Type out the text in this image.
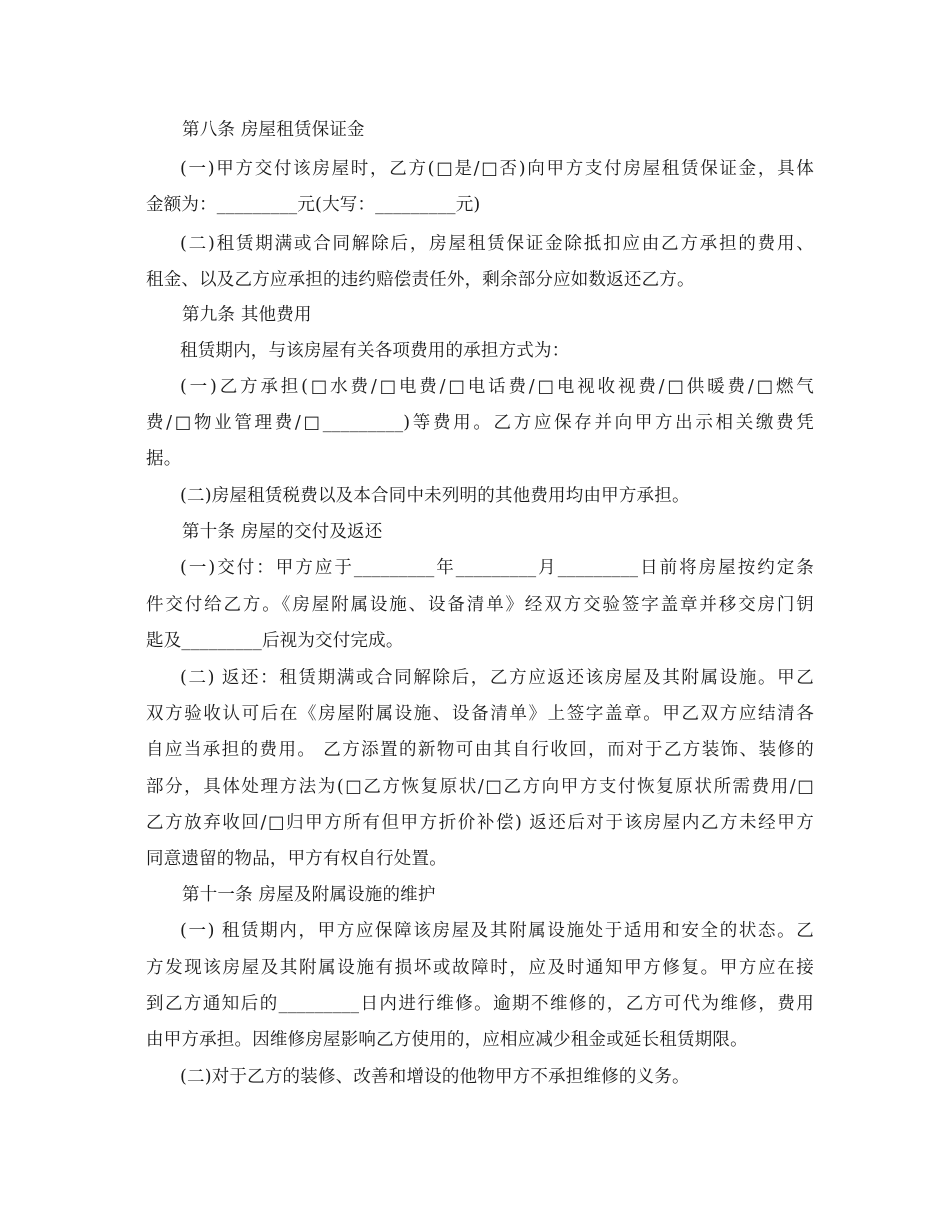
第八条 房屋租赁保证金
(一)甲方交付该房屋时，乙方(□是/□否)向甲方支付房屋租赁保证金，具体
金额为：_________元(大写：_________元)
(二)租赁期满或合同解除后，房屋租赁保证金除抵扣应由乙方承担的费用、
租金、以及乙方应承担的违约赔偿责任外，剩余部分应如数返还乙方。
第九条 其他费用
租赁期内，与该房屋有关各项费用的承担方式为：
(一)乙方承担(□水费/□电费/□电话费/□电视收视费/□供暖费/□燃气
费/□物业管理费/□_________)等费用。乙方应保存并向甲方出示相关缴费凭
据。
(二)房屋租赁税费以及本合同中未列明的其他费用均由甲方承担。
第十条 房屋的交付及返还
(一)交付：甲方应于_________年_________月_________日前将房屋按约定条
件交付给乙方。《房屋附属设施、设备清单》经双方交验签字盖章并移交房门钥
匙及_________后视为交付完成。
(二) 返还：租赁期满或合同解除后，乙方应返还该房屋及其附属设施。甲乙
双方验收认可后在《房屋附属设施、设备清单》上签字盖章。甲乙双方应结清各
自应当承担的费用。 乙方添置的新物可由其自行收回，而对于乙方装饰、装修的
部分，具体处理方法为(□乙方恢复原状/□乙方向甲方支付恢复原状所需费用/□
乙方放弃收回/□归甲方所有但甲方折价补偿) 返还后对于该房屋内乙方未经甲方
同意遗留的物品，甲方有权自行处置。
第十一条 房屋及附属设施的维护
(一) 租赁期内，甲方应保障该房屋及其附属设施处于适用和安全的状态。乙
方发现该房屋及其附属设施有损坏或故障时，应及时通知甲方修复。甲方应在接
到乙方通知后的_________日内进行维修。逾期不维修的，乙方可代为维修，费用
由甲方承担。因维修房屋影响乙方使用的，应相应减少租金或延长租赁期限。
(二)对于乙方的装修、改善和增设的他物甲方不承担维修的义务。
